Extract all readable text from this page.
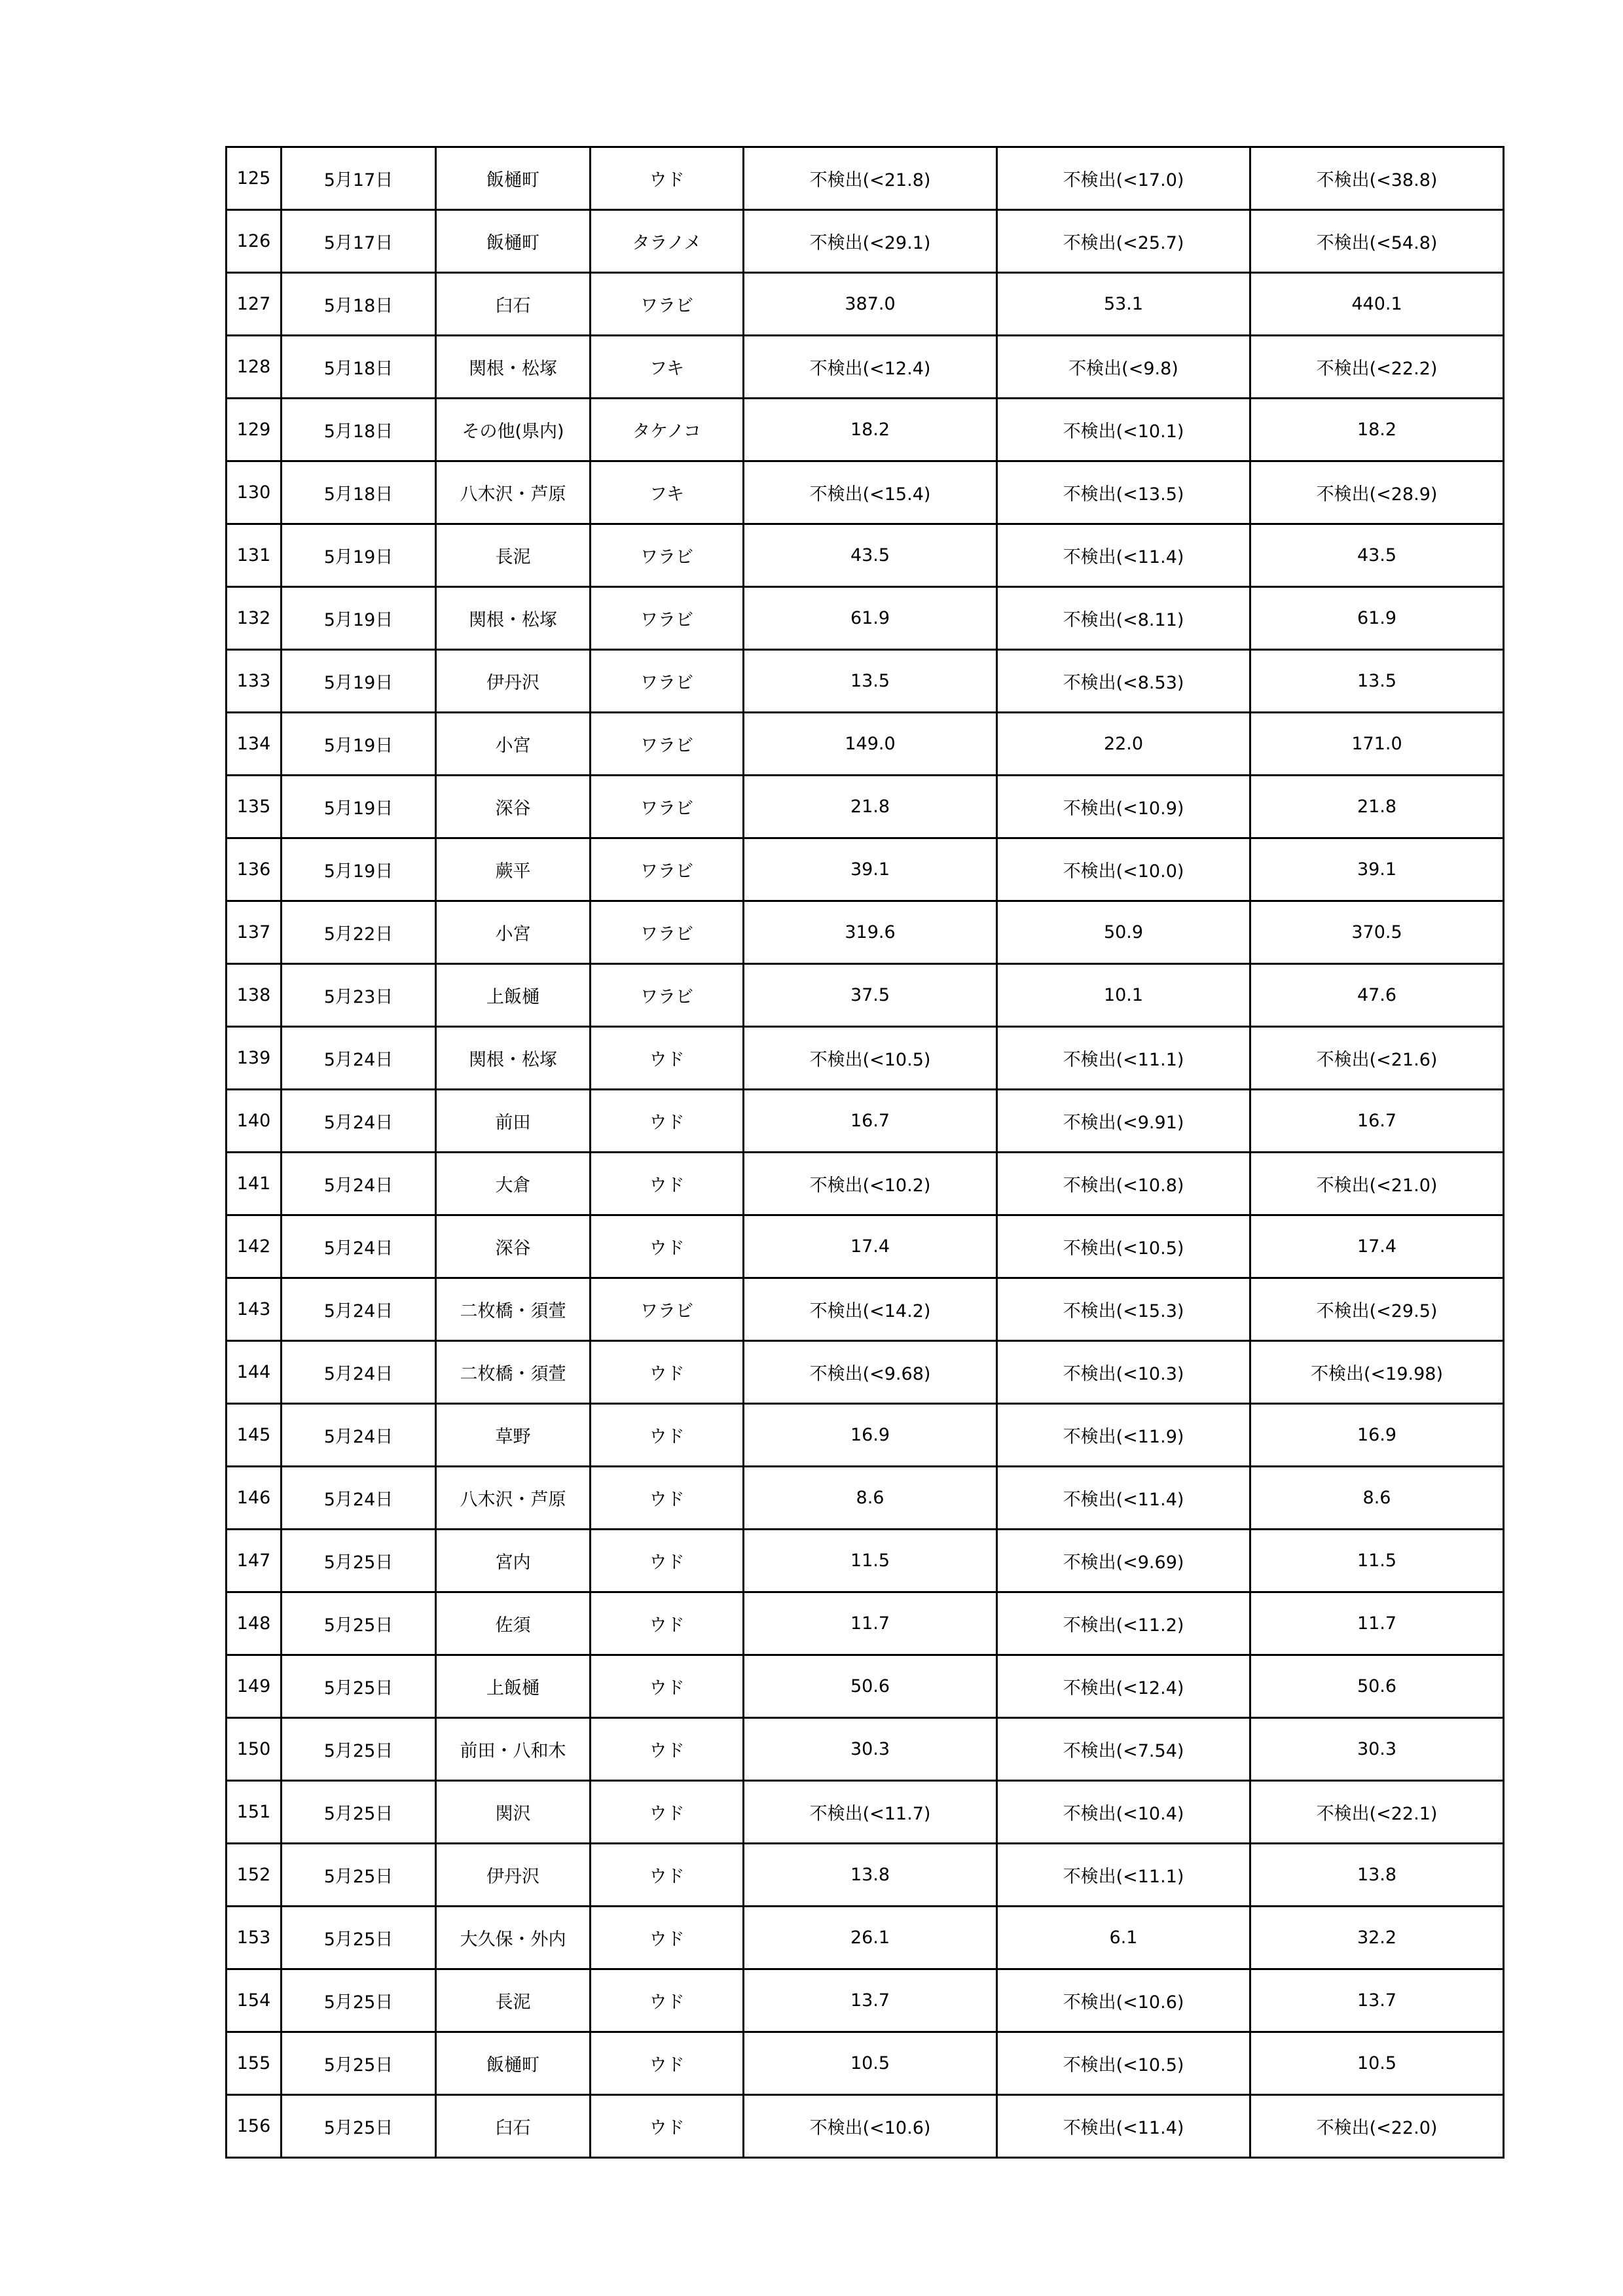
125	5月17日	飯樋町	ウド	不検出(<21.8)	不検出(<17.0)	不検出(<38.8)
126	5月17日	飯樋町	タラノメ	不検出(<29.1)	不検出(<25.7)	不検出(<54.8)
127	5月18日	臼石	ワラビ	387.0	53.1	440.1
128	5月18日	関根・松塚	フキ	不検出(<12.4)	不検出(<9.8)	不検出(<22.2)
129	5月18日	その他(県内)	タケノコ	18.2	不検出(<10.1)	18.2
130	5月18日	八木沢・芦原	フキ	不検出(<15.4)	不検出(<13.5)	不検出(<28.9)
131	5月19日	長泥	ワラビ	43.5	不検出(<11.4)	43.5
132	5月19日	関根・松塚	ワラビ	61.9	不検出(<8.11)	61.9
133	5月19日	伊丹沢	ワラビ	13.5	不検出(<8.53)	13.5
134	5月19日	小宮	ワラビ	149.0	22.0	171.0
135	5月19日	深谷	ワラビ	21.8	不検出(<10.9)	21.8
136	5月19日	蕨平	ワラビ	39.1	不検出(<10.0)	39.1
137	5月22日	小宮	ワラビ	319.6	50.9	370.5
138	5月23日	上飯樋	ワラビ	37.5	10.1	47.6
139	5月24日	関根・松塚	ウド	不検出(<10.5)	不検出(<11.1)	不検出(<21.6)
140	5月24日	前田	ウド	16.7	不検出(<9.91)	16.7
141	5月24日	大倉	ウド	不検出(<10.2)	不検出(<10.8)	不検出(<21.0)
142	5月24日	深谷	ウド	17.4	不検出(<10.5)	17.4
143	5月24日	二枚橋・須萱	ワラビ	不検出(<14.2)	不検出(<15.3)	不検出(<29.5)
144	5月24日	二枚橋・須萱	ウド	不検出(<9.68)	不検出(<10.3)	不検出(<19.98)
145	5月24日	草野	ウド	16.9	不検出(<11.9)	16.9
146	5月24日	八木沢・芦原	ウド	8.6	不検出(<11.4)	8.6
147	5月25日	宮内	ウド	11.5	不検出(<9.69)	11.5
148	5月25日	佐須	ウド	11.7	不検出(<11.2)	11.7
149	5月25日	上飯樋	ウド	50.6	不検出(<12.4)	50.6
150	5月25日	前田・八和木	ウド	30.3	不検出(<7.54)	30.3
151	5月25日	関沢	ウド	不検出(<11.7)	不検出(<10.4)	不検出(<22.1)
152	5月25日	伊丹沢	ウド	13.8	不検出(<11.1)	13.8
153	5月25日	大久保・外内	ウド	26.1	6.1	32.2
154	5月25日	長泥	ウド	13.7	不検出(<10.6)	13.7
155	5月25日	飯樋町	ウド	10.5	不検出(<10.5)	10.5
156	5月25日	臼石	ウド	不検出(<10.6)	不検出(<11.4)	不検出(<22.0)
